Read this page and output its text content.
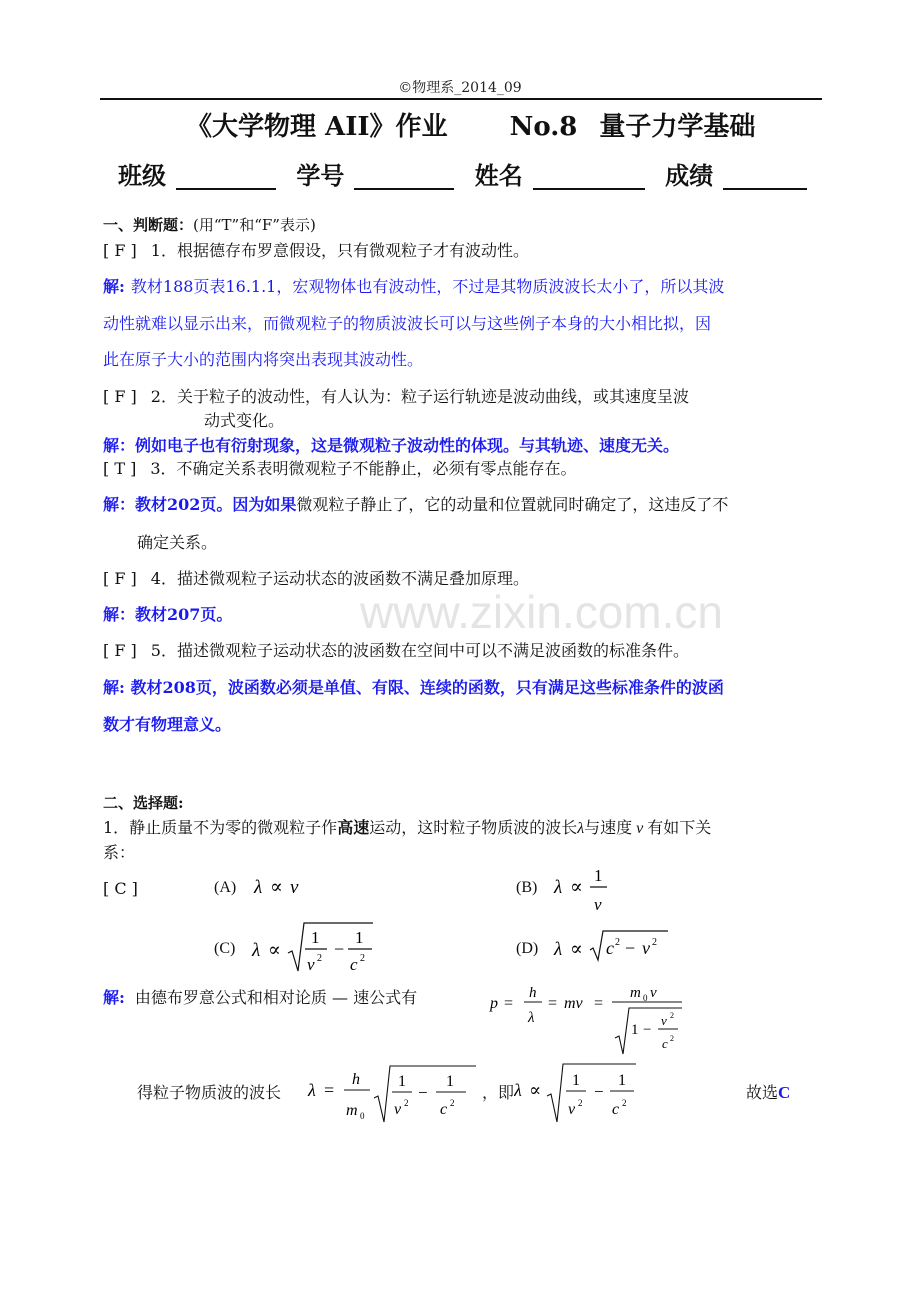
©物理系_2014_09
《大学物理 AII》作业 No.8 量子力学基础
班级	学号	姓名	成绩
一、判断题：(用“T”和“F”表示)
[ F ] 1．根据德存布罗意假设，只有微观粒子才有波动性。
解: 教材188页表16.1.1，宏观物体也有波动性，不过是其物质波波长太小了，所以其波
动性就难以显示出来，而微观粒子的物质波波长可以与这些例子本身的大小相比拟，因
此在原子大小的范围内将突出表现其波动性。
[ F ] 2．关于粒子的波动性，有人认为：粒子运行轨迹是波动曲线，或其速度呈波
动式变化。
解：例如电子也有衍射现象，这是微观粒子波动性的体现。与其轨迹、速度无关。
[ T ] 3．不确定关系表明微观粒子不能静止，必须有零点能存在。
解：教材202页。因为如果微观粒子静止了，它的动量和位置就同时确定了，这违反了不
确定关系。
[ F ] 4．描述微观粒子运动状态的波函数不满足叠加原理。
解：教材207页。	www.zixin.com.cn
[ F ] 5．描述微观粒子运动状态的波函数在空间中可以不满足波函数的标准条件。
解: 教材208页，波函数必须是单值、有限、连续的函数，只有满足这些标准条件的波函
数才有物理意义。
二、选择题:
1．静止质量不为零的微观粒子作高速运动，这时粒子物质波的波长λ与速度 v 有如下关
系：
[ C ]	(A) λ ∝ v	(B) λ ∝
1
v
(C) λ ∝
1
v 2 −
1
c 2
(D) λ ∝ c 2 − v 2
解: 由德布罗意公式和相对论质 — 速公式有	p =
h
λ
= mv =
m 0 v
1 −
v 2
c 2
得粒子物质波的波长 λ =
h
m 0
1
v 2
−
1
c 2
，即 λ ∝ 1
v 2
−
1
c 2
故选C
